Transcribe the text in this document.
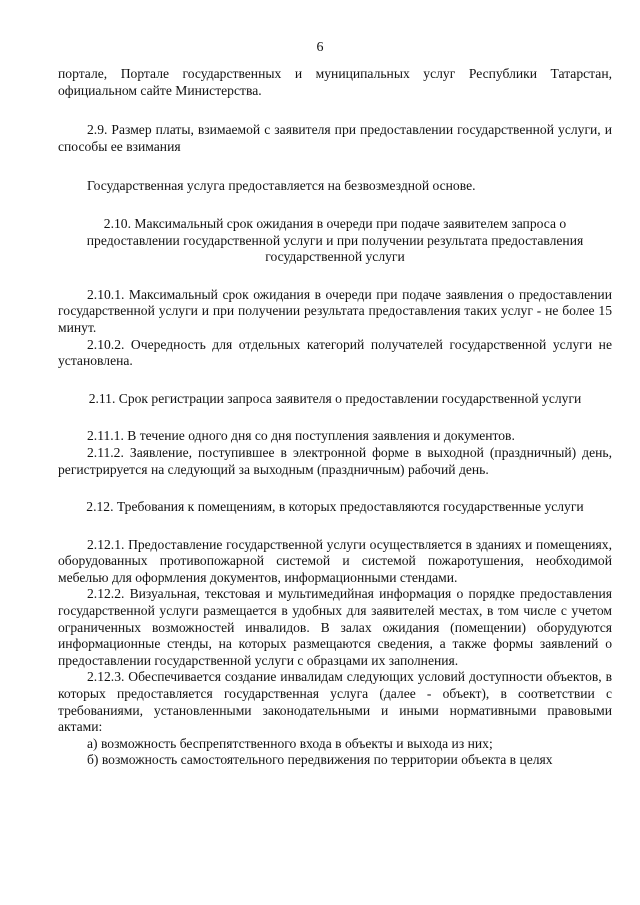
6
портале, Портале государственных и муниципальных услуг Республики Татарстан, официальном сайте Министерства.
2.9. Размер платы, взимаемой с заявителя при предоставлении государственной услуги, и способы ее взимания
Государственная услуга предоставляется на безвозмездной основе.
2.10. Максимальный срок ожидания в очереди при подаче заявителем запроса о предоставлении государственной услуги и при получении результата предоставления государственной услуги
2.10.1. Максимальный срок ожидания в очереди при подаче заявления о предоставлении государственной услуги и при получении результата предоставления таких услуг - не более 15 минут.
2.10.2. Очередность для отдельных категорий получателей государственной услуги не установлена.
2.11. Срок регистрации запроса заявителя о предоставлении государственной услуги
2.11.1. В течение одного дня со дня поступления заявления и документов.
2.11.2. Заявление, поступившее в электронной форме в выходной (праздничный) день, регистрируется на следующий за выходным (праздничным) рабочий день.
2.12. Требования к помещениям, в которых предоставляются государственные услуги
2.12.1. Предоставление государственной услуги осуществляется в зданиях и помещениях, оборудованных противопожарной системой и системой пожаротушения, необходимой мебелью для оформления документов, информационными стендами.
2.12.2. Визуальная, текстовая и мультимедийная информация о порядке предоставления государственной услуги размещается в удобных для заявителей местах, в том числе с учетом ограниченных возможностей инвалидов. В залах ожидания (помещении) оборудуются информационные стенды, на которых размещаются сведения, а также формы заявлений о предоставлении государственной услуги с образцами их заполнения.
2.12.3. Обеспечивается создание инвалидам следующих условий доступности объектов, в которых предоставляется государственная услуга (далее - объект), в соответствии с требованиями, установленными законодательными и иными нормативными правовыми актами:
а) возможность беспрепятственного входа в объекты и выхода из них;
б) возможность самостоятельного передвижения по территории объекта в целях
